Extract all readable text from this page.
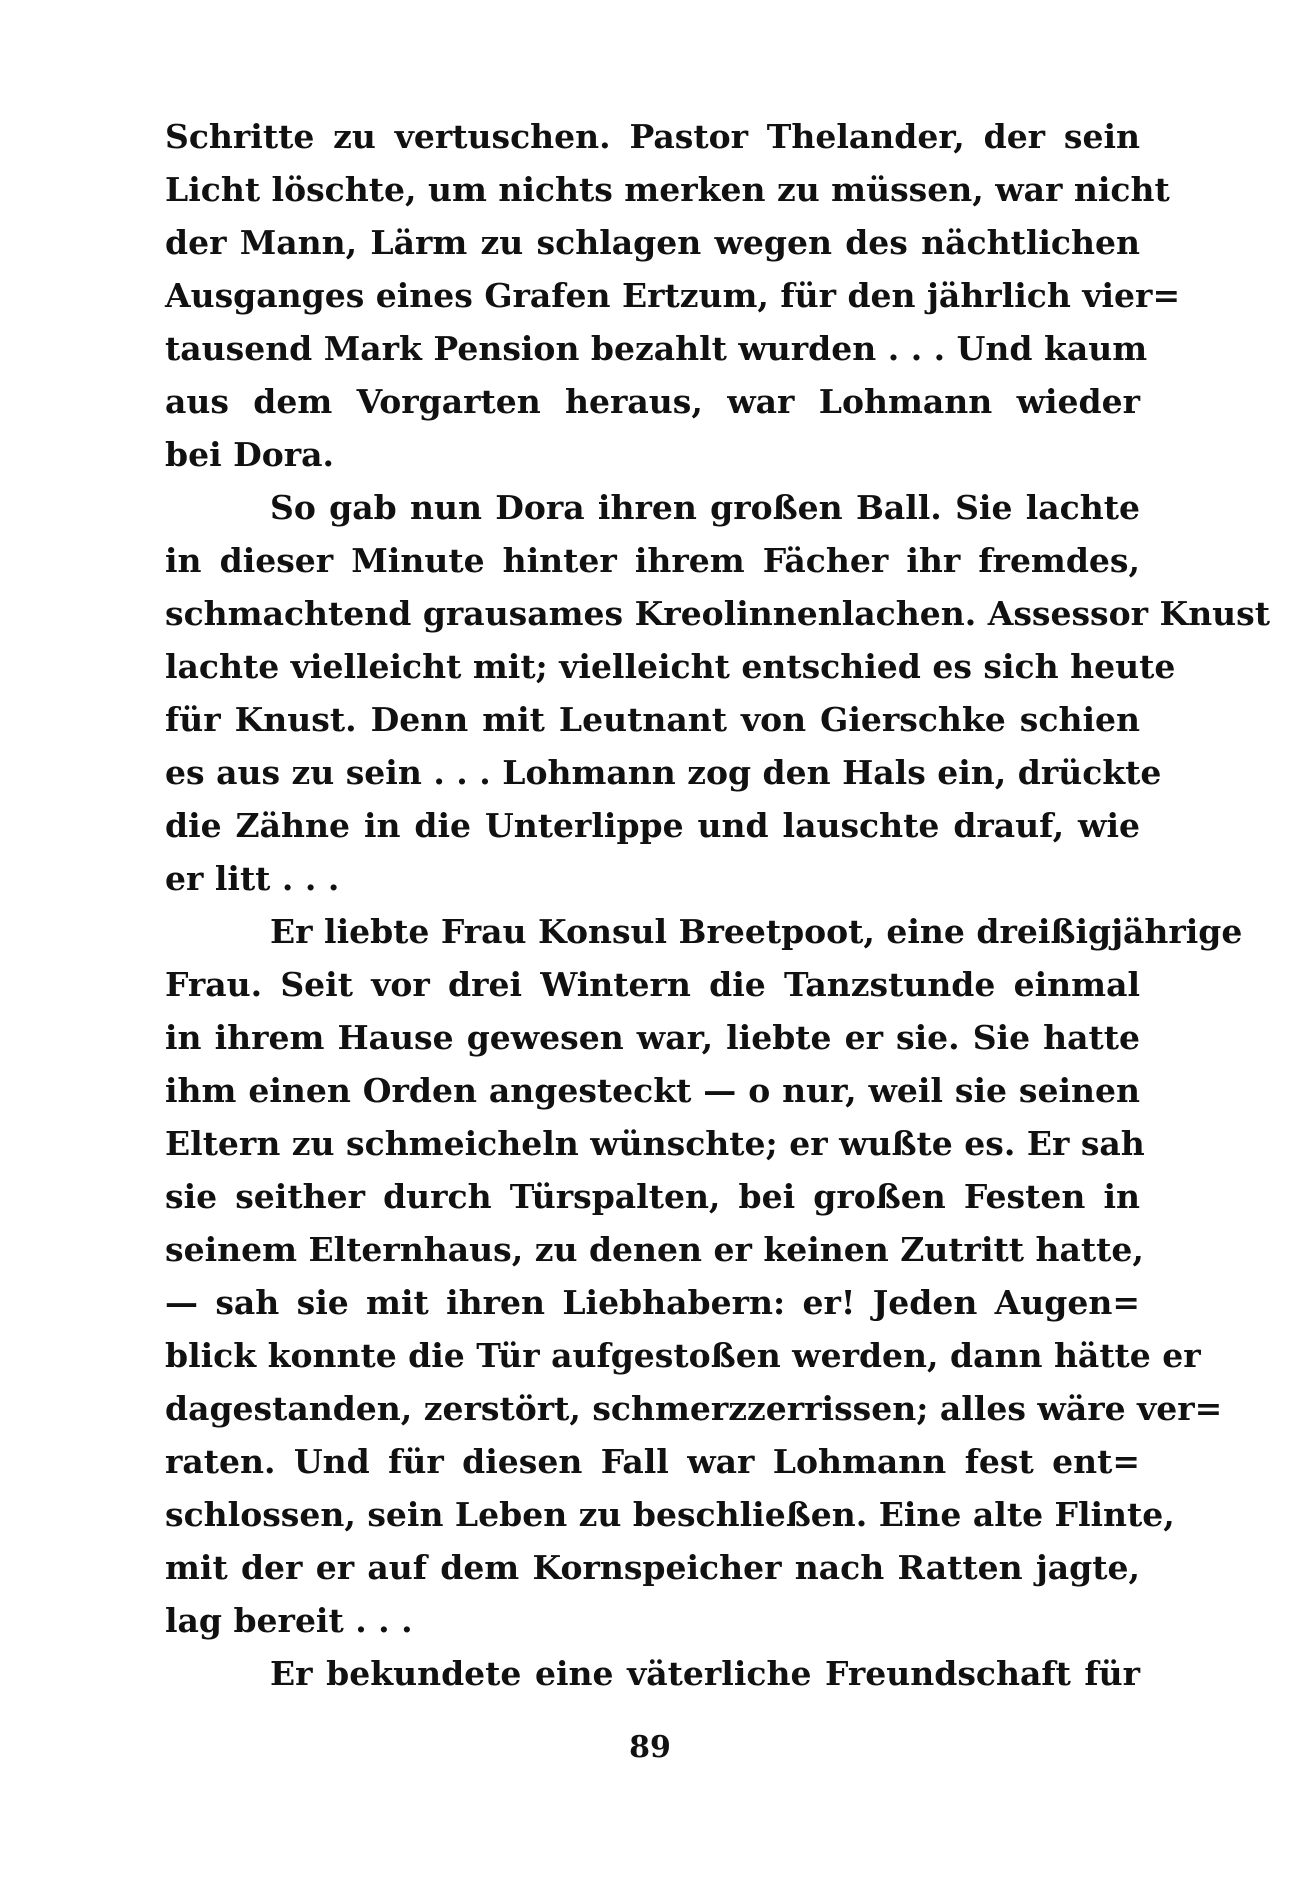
Schritte zu vertuschen. Pastor Thelander, der sein
Licht löschte, um nichts merken zu müssen, war nicht
der Mann, Lärm zu schlagen wegen des nächtlichen
Ausganges eines Grafen Ertzum, für den jährlich vier=
tausend Mark Pension bezahlt wurden . . . Und kaum
aus dem Vorgarten heraus, war Lohmann wieder
bei Dora.
So gab nun Dora ihren großen Ball. Sie lachte
in dieser Minute hinter ihrem Fächer ihr fremdes,
schmachtend grausames Kreolinnenlachen. Assessor Knust
lachte vielleicht mit; vielleicht entschied es sich heute
für Knust. Denn mit Leutnant von Gierschke schien
es aus zu sein . . . Lohmann zog den Hals ein, drückte
die Zähne in die Unterlippe und lauschte drauf, wie
er litt . . .
Er liebte Frau Konsul Breetpoot, eine dreißigjährige
Frau. Seit vor drei Wintern die Tanzstunde einmal
in ihrem Hause gewesen war, liebte er sie. Sie hatte
ihm einen Orden angesteckt — o nur, weil sie seinen
Eltern zu schmeicheln wünschte; er wußte es. Er sah
sie seither durch Türspalten, bei großen Festen in
seinem Elternhaus, zu denen er keinen Zutritt hatte,
— sah sie mit ihren Liebhabern: er! Jeden Augen=
blick konnte die Tür aufgestoßen werden, dann hätte er
dagestanden, zerstört, schmerzzerrissen; alles wäre ver=
raten. Und für diesen Fall war Lohmann fest ent=
schlossen, sein Leben zu beschließen. Eine alte Flinte,
mit der er auf dem Kornspeicher nach Ratten jagte,
lag bereit . . .
Er bekundete eine väterliche Freundschaft für
89
